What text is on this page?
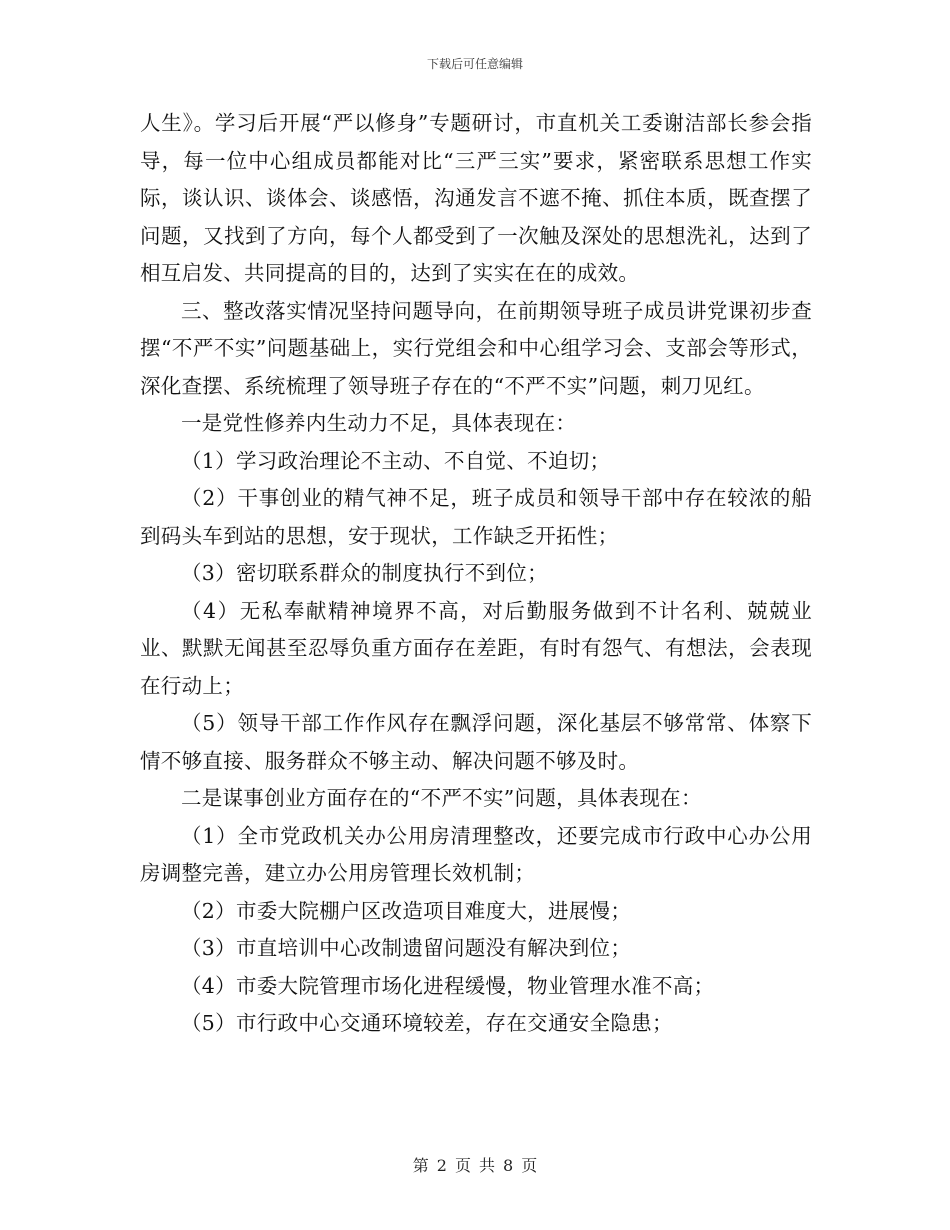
下载后可任意编辑

人生》。学习后开展“严以修身”专题研讨，市直机关工委谢洁部长参会指导，每一位中心组成员都能对比“三严三实”要求，紧密联系思想工作实际，谈认识、谈体会、谈感悟，沟通发言不遮不掩、抓住本质，既查摆了问题，又找到了方向，每个人都受到了一次触及深处的思想洗礼，达到了相互启发、共同提高的目的，达到了实实在在的成效。

三、整改落实情况坚持问题导向，在前期领导班子成员讲党课初步查摆“不严不实”问题基础上，实行党组会和中心组学习会、支部会等形式，深化查摆、系统梳理了领导班子存在的“不严不实”问题，刺刀见红。

一是党性修养内生动力不足，具体表现在：

（1）学习政治理论不主动、不自觉、不迫切；

（2）干事创业的精气神不足，班子成员和领导干部中存在较浓的船到码头车到站的思想，安于现状，工作缺乏开拓性；

（3）密切联系群众的制度执行不到位；

（4）无私奉献精神境界不高，对后勤服务做到不计名利、兢兢业业、默默无闻甚至忍辱负重方面存在差距，有时有怨气、有想法，会表现在行动上；

（5）领导干部工作作风存在飘浮问题，深化基层不够常常、体察下情不够直接、服务群众不够主动、解决问题不够及时。

二是谋事创业方面存在的“不严不实”问题，具体表现在：

（1）全市党政机关办公用房清理整改，还要完成市行政中心办公用房调整完善，建立办公用房管理长效机制；

（2）市委大院棚户区改造项目难度大，进展慢；

（3）市直培训中心改制遗留问题没有解决到位；

（4）市委大院管理市场化进程缓慢，物业管理水准不高；

（5）市行政中心交通环境较差，存在交通安全隐患；

第 2 页 共 8 页
